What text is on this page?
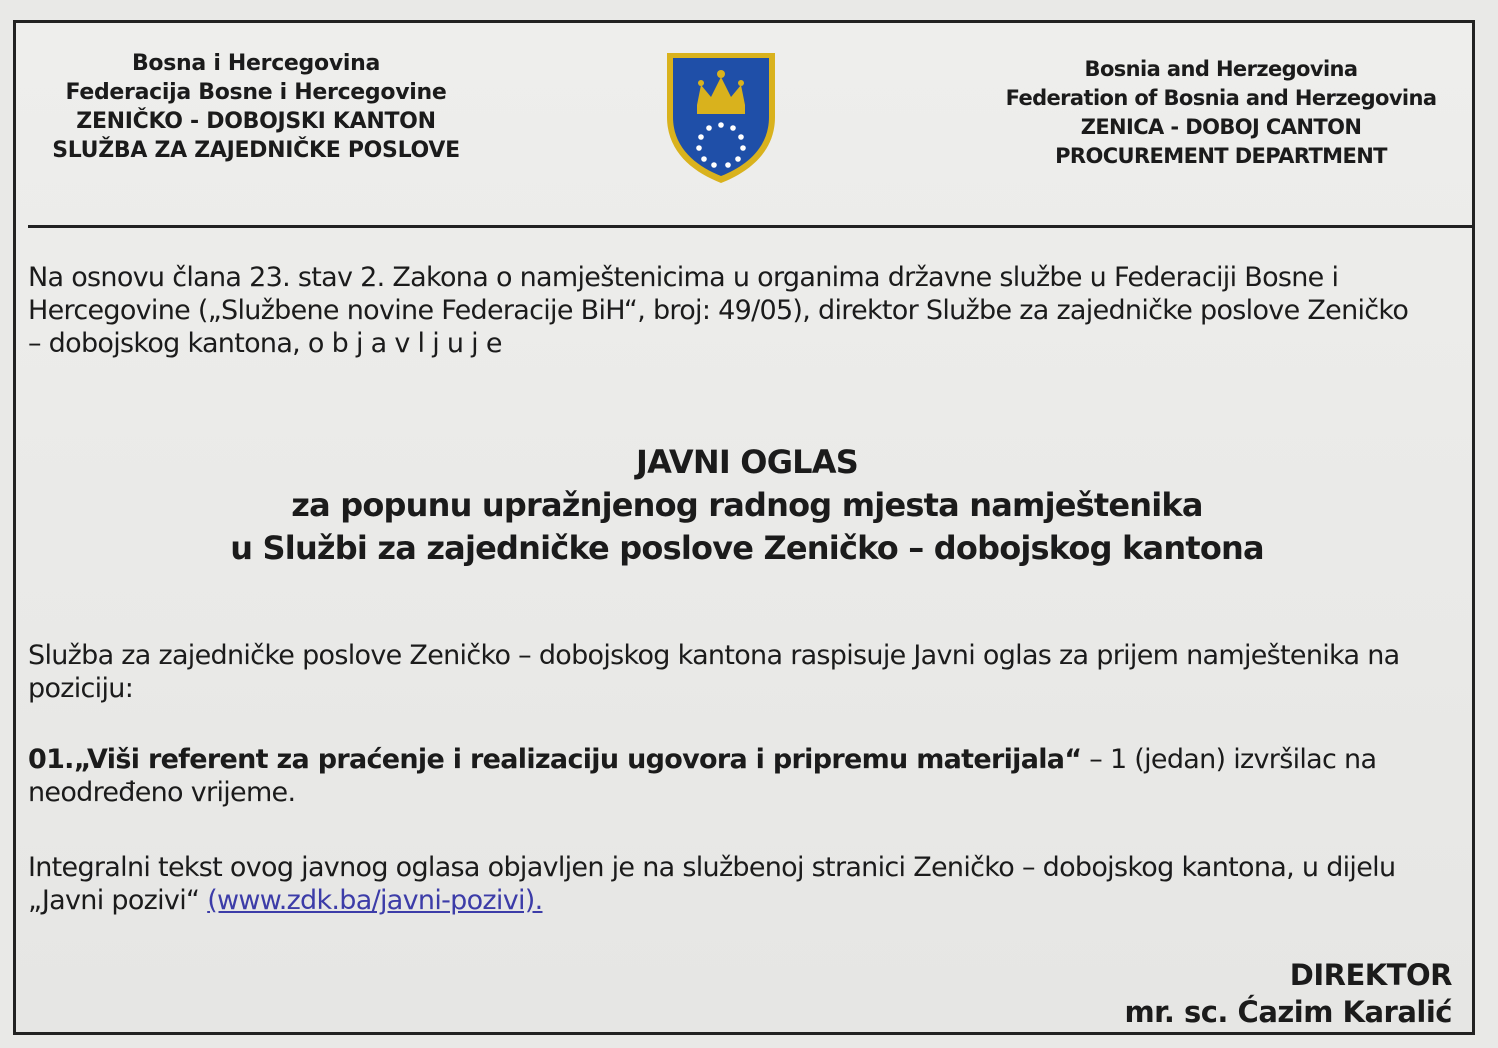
Bosna i Hercegovina
Federacija Bosne i Hercegovine
ZENIČKO - DOBOJSKI KANTON
SLUŽBA ZA ZAJEDNIČKE POSLOVE
Bosnia and Herzegovina
Federation of Bosnia and Herzegovina
ZENICA - DOBOJ CANTON
PROCUREMENT DEPARTMENT
Na osnovu člana 23. stav 2. Zakona o namještenicima u organima državne službe u Federaciji Bosne i Hercegovine („Službene novine Federacije BiH“, broj: 49/05), direktor Službe za zajedničke poslove Zeničko – dobojskog kantona, o b j a v l j u j e
JAVNI OGLAS
za popunu upražnjenog radnog mjesta namještenika
u Službi za zajedničke poslove Zeničko – dobojskog kantona
Služba za zajedničke poslove Zeničko – dobojskog kantona raspisuje Javni oglas za prijem namještenika na poziciju:
01.„Viši referent za praćenje i realizaciju ugovora i pripremu materijala“ – 1 (jedan) izvršilac na neodređeno vrijeme.
Integralni tekst ovog javnog oglasa objavljen je na službenoj stranici Zeničko – dobojskog kantona, u dijelu „Javni pozivi“ (www.zdk.ba/javni-pozivi).
DIREKTOR
mr. sc. Ćazim Karalić
